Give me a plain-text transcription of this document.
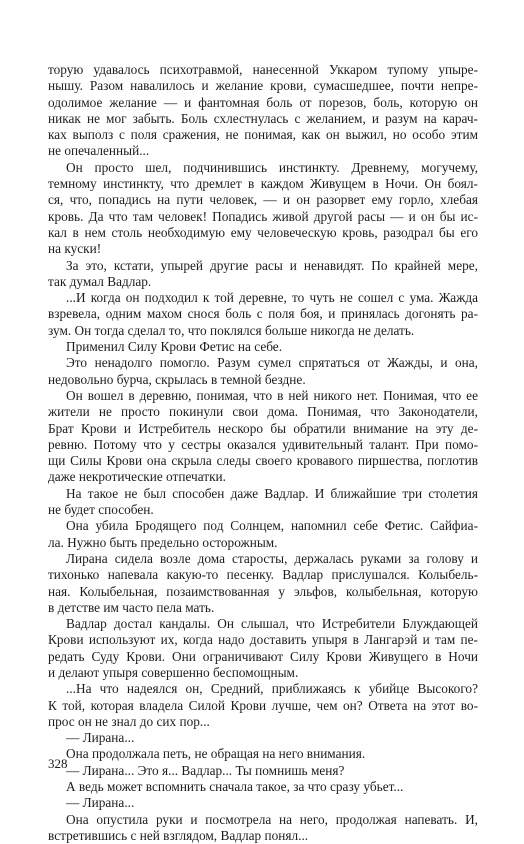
торую удавалось психотравмой, нанесенной Уккаром тупому упыре-
нышу. Разом навалилось и желание крови, сумасшедшее, почти непре-
одолимое желание — и фантомная боль от порезов, боль, которую он
никак не мог забыть. Боль схлестнулась с желанием, и разум на карач-
ках выполз с поля сражения, не понимая, как он выжил, но особо этим
не опечаленный...
Он просто шел, подчинившись инстинкту. Древнему, могучему,
темному инстинкту, что дремлет в каждом Живущем в Ночи. Он боял-
ся, что, попадись на пути человек, — и он разорвет ему горло, хлебая
кровь. Да что там человек! Попадись живой другой расы — и он бы ис-
кал в нем столь необходимую ему человеческую кровь, разодрал бы его
на куски!
За это, кстати, упырей другие расы и ненавидят. По крайней мере,
так думал Вадлар.
...И когда он подходил к той деревне, то чуть не сошел с ума. Жажда
взревела, одним махом снося боль с поля боя, и принялась догонять ра-
зум. Он тогда сделал то, что поклялся больше никогда не делать.
Применил Силу Крови Фетис на себе.
Это ненадолго помогло. Разум сумел спрятаться от Жажды, и она,
недовольно бурча, скрылась в темной бездне.
Он вошел в деревню, понимая, что в ней никого нет. Понимая, что ее
жители не просто покинули свои дома. Понимая, что Законодатели,
Брат Крови и Истребитель нескоро бы обратили внимание на эту де-
ревню. Потому что у сестры оказался удивительный талант. При помо-
щи Силы Крови она скрыла следы своего кровавого пиршества, поглотив
даже некротические отпечатки.
На такое не был способен даже Вадлар. И ближайшие три столетия
не будет способен.
Она убила Бродящего под Солнцем, напомнил себе Фетис. Сайфиа-
ла. Нужно быть предельно осторожным.
Лирана сидела возле дома старосты, держалась руками за голову и
тихонько напевала какую-то песенку. Вадлар прислушался. Колыбель-
ная. Колыбельная, позаимствованная у эльфов, колыбельная, которую
в детстве им часто пела мать.
Вадлар достал кандалы. Он слышал, что Истребители Блуждающей
Крови используют их, когда надо доставить упыря в Лангарэй и там пе-
редать Суду Крови. Они ограничивают Силу Крови Живущего в Ночи
и делают упыря совершенно беспомощным.
...На что надеялся он, Средний, приближаясь к убийце Высокого?
К той, которая владела Силой Крови лучше, чем он? Ответа на этот во-
прос он не знал до сих пор...
— Лирана...
Она продолжала петь, не обращая на него внимания.
— Лирана... Это я... Вадлар... Ты помнишь меня?
А ведь может вспомнить сначала такое, за что сразу убьет...
— Лирана...
Она опустила руки и посмотрела на него, продолжая напевать. И,
встретившись с ней взглядом, Вадлар понял...
328
